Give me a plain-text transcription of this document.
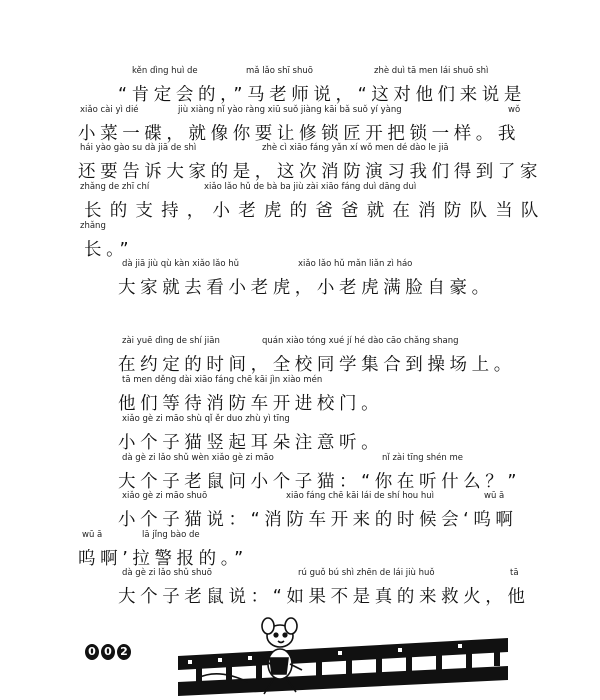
kěn dìng huì de	mǎ lǎo shī shuō	zhè duì tā men lái shuō shì
“肯定会的，”马老师说，“这对他们来说是
xiǎo cài yì dié	jiù xiàng nǐ yào ràng xiū suǒ jiàng kāi bǎ suǒ yí yàng	wǒ
小菜一碟，就像你要让修锁匠开把锁一样。我
hái yào gào su dà jiā de shì	zhè cì xiāo fáng yǎn xí wǒ men dé dào le jiā
还要告诉大家的是，这次消防演习我们得到了家
zhǎng de zhī chí	xiǎo lǎo hǔ de bà ba jiù zài xiāo fáng duì dāng duì
长的支持，小老虎的爸爸就在消防队当队
zhǎng
长。”
dà jiā jiù qù kàn xiǎo lǎo hǔ	xiǎo lǎo hǔ mǎn liǎn zì háo
大家就去看小老虎，小老虎满脸自豪。
zài yuē dìng de shí jiān	quán xiào tóng xué jí hé dào cāo chǎng shang
在约定的时间，全校同学集合到操场上。
tā men děng dài xiāo fáng chē kāi jìn xiào mén
他们等待消防车开进校门。
xiǎo gè zi māo shù qǐ ěr duo zhù yì tīng
小个子猫竖起耳朵注意听。
dà gè zi lǎo shǔ wèn xiǎo gè zi māo	nǐ zài tīng shén me
大个子老鼠问小个子猫：“你在听什么？”
xiǎo gè zi māo shuō	xiāo fáng chē kāi lái de shí hou huì	wū ā
小个子猫说：“消防车开来的时候会‘呜啊
wū ā	lā jǐng bào de
呜啊’拉警报的。”
dà gè zi lǎo shǔ shuō	rú guǒ bú shì zhēn de lái jiù huǒ	tā
大个子老鼠说：“如果不是真的来救火，他
0 0 2
